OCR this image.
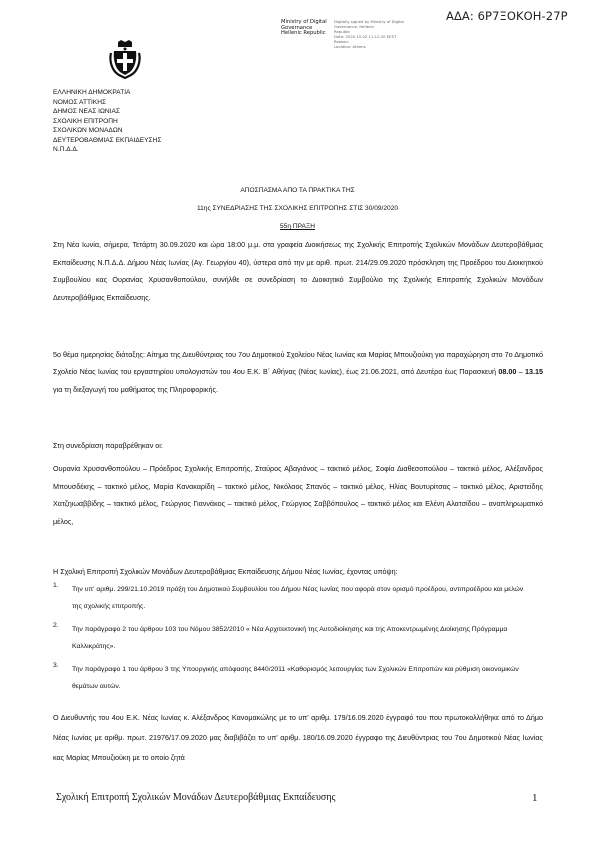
ΑΔΑ: 6Ρ7ΞΟΚΟΗ-27Ρ
Ministry of Digital
Governance
Hellenic Republic
Digitally signed by Ministry of Digital
Governance, Hellenic
Republic
Date: 2020.10.02 11:12:20 EEST
Reason:
Location: Athens
ΕΛΛΗΝΙΚΗ ΔΗΜΟΚΡΑΤΙΑ
ΝΟΜΟΣ ΑΤΤΙΚΗΣ
ΔΗΜΟΣ ΝΕΑΣ ΙΩΝΙΑΣ
ΣΧΟΛΙΚΗ ΕΠΙΤΡΟΠΗ
ΣΧΟΛΙΚΩΝ ΜΟΝΑΔΩΝ
ΔΕΥΤΕΡΟΒΑΘΜΙΑΣ ΕΚΠΑΙΔΕΥΣΗΣ
Ν.Π.Δ.Δ.
ΑΠΟΣΠΑΣΜΑ ΑΠΟ ΤΑ ΠΡΑΚΤΙΚΑ ΤΗΣ
11ης ΣΥΝΕΔΡΙΑΣΗΣ ΤΗΣ ΣΧΟΛΙΚΗΣ ΕΠΙΤΡΟΠΗΣ ΣΤΙΣ 30/09/2020
55η ΠΡΑΞΗ
Στη Νέα Ιωνία, σήμερα, Τετάρτη 30.09.2020 και ώρα 18:00 μ.μ. στα γραφεία Διοικήσεως της Σχολικής Επιτροπής Σχολικών Μονάδων Δευτεροβάθμιας Εκπαίδευσης Ν.Π.Δ.Δ. Δήμου Νέας Ιωνίας (Αγ. Γεωργίου 40), ύστερα από την με αριθ. πρωτ. 214/29.09.2020 πρόσκληση της Προέδρου του Διοικητικού Συμβουλίου κας Ουρανίας Χρυσανθοπούλου, συνήλθε σε συνεδρίαση το Διοικητικό Συμβούλιο της Σχολικής Επιτροπής Σχολικών Μονάδων Δευτεροβάθμιας Εκπαίδευσης.
5ο θέμα ημερησίας διάταξης: Αίτημα της Διευθύντριας του 7ου Δημοτικού Σχολείου Νέας Ιωνίας και Μαρίας Μπουζιούκη για παραχώρηση στο 7ο Δημοτικό Σχολείο Νέας Ιωνίας του εργαστηρίου υπολογιστών του 4ου Ε.Κ. Β΄ Αθήνας (Νέας Ιωνίας), έως 21.06.2021, από Δευτέρα έως Παρασκευή 08.00 – 13.15 για τη διεξαγωγή του μαθήματος της Πληροφορικής.
Στη συνεδρίαση παραβρέθηκαν οι:
Ουρανία Χρυσανθοπούλου – Πρόεδρος Σχολικής Επιτροπής, Σταύρος Αβαγιάνος – τακτικό μέλος, Σοφία Διαθεσοπούλου – τακτικό μέλος, Αλέξανδρος Μπουσδέκης – τακτικό μέλος, Μαρία Κανακαρίδη – τακτικό μέλος, Νικόλαος Σπανός – τακτικό μέλος, Ηλίας Βουτυρίτσας – τακτικό μέλος, Αριστείδης Χατζηιωαββίδης – τακτικό μέλος, Γεώργιος Γιαννάκος – τακτικό μέλος, Γεώργιος Σαββόπουλος – τακτικό μέλος και Ελένη Αλατσίδου – αναπληρωματικό μέλος,
Η Σχολική Επιτροπή Σχολικών Μονάδων Δευτεροβάθμιας Εκπαίδευσης Δήμου Νέας Ιωνίας, έχοντας υπόψη:
1.
Την υπ' αριθμ. 299/21.10.2019 πράξη του Δημοτικού Συμβουλίου του Δήμου Νέας Ιωνίας που αφορά στον ορισμό προέδρου, αντιπροέδρου και μελών της σχολικής επιτροπής.
2.
Την παράγραφο 2 του άρθρου 103 του Νόμου 3852/2010 « Νέα Αρχιτεκτονική της Αυτοδιοίκησης και της Αποκεντρωμένης Διοίκησης Πρόγραμμα Καλλικράτης».
3.
Την παράγραφο 1 του άρθρου 3 της Υπουργικής απόφασης 8440/2011 «Καθορισμός λειτουργίας των Σχολικών Επιτροπών και ρύθμιση οικονομικών θεμάτων αυτών.
Ο Διευθυντής του 4ου Ε.Κ. Νέας Ιωνίας κ. Αλέξανδρος Κανομακώλης με το υπ' αριθμ. 179/16.09.2020 έγγραφό του που πρωτοκολλήθηκε από το Δήμο Νέας Ιωνίας με αριθμ. πρωτ. 21976/17.09.2020 μας διαβιβάζει το υπ' αριθμ. 180/16.09.2020 έγγραφο της Διευθύντριας του 7ου Δημοτικού Νέας Ιωνίας κας Μαρίας Μπουζιούκη με το οποίο ζητά
Σχολική Επιτροπή Σχολικών Μονάδων Δευτεροβάθμιας Εκπαίδευσης	1
